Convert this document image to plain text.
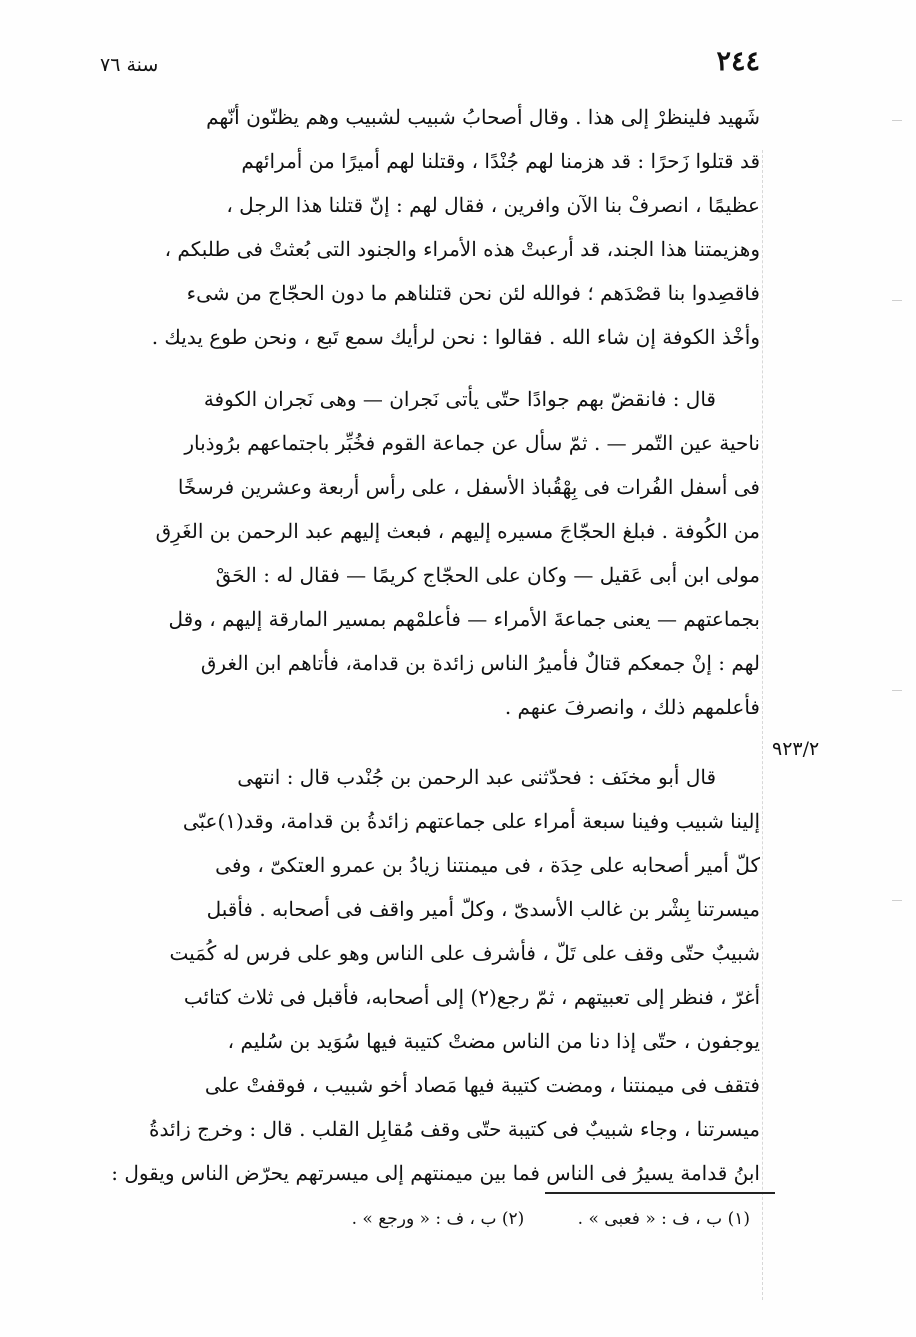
٢٤٤
سنة ٧٦
٩٢٣/٢
شَهيد فلينظرْ إلى هذا . وقال أصحابُ شبيب لشبيب وهم يظنّون أنّهم
قد قتلوا زَحرًا : قد هزمنا لهم جُنْدًا ، وقتلنا لهم أميرًا من أمرائهم
عظيمًا ، انصرفْ بنا الآن وافرين ، فقال لهم : إنّ قتلنا هذا الرجل ،
وهزيمتنا هذا الجند، قد أرعبتْ هذه الأمراء والجنود التى بُعثتْ فى طلبكم ،
فاقصِدوا بنا قصْدَهم ؛ فوالله لئن نحن قتلناهم ما دون الحجّاج من شىء
وأخْذ الكوفة إن شاء الله . فقالوا : نحن لرأيك سمع تَبع ، ونحن طوع يديك .
قال : فانقضّ بهم جوادًا حتّى يأتى نَجران — وهى نَجران الكوفة
ناحية عين التّمر — . ثمّ سأل عن جماعة القوم فخُبِّر باجتماعهم برُوذبار
فى أسفل الفُرات فى بِهْقُباذ الأسفل ، على رأس أربعة وعشرين فرسخًا
من الكُوفة . فبلغ الحجّاجَ مسيره إليهم ، فبعث إليهم عبد الرحمن بن الغَرِق
مولى ابن أبى عَقيل — وكان على الحجّاج كريمًا — فقال له : الحَقْ
بجماعتهم — يعنى جماعةَ الأمراء — فأعلمْهم بمسير المارقة إليهم ، وقل
لهم : إنْ جمعكم قتالٌ فأميرُ الناس زائدة بن قدامة، فأتاهم ابن الغرق
فأعلمهم ذلك ، وانصرفَ عنهم .
قال أبو مخنَف : فحدّثنى عبد الرحمن بن جُنْدب قال : انتهى
إلينا شبيب وفينا سبعة أمراء على جماعتهم زائدةُ بن قدامة، وقد(١)عبّى
كلّ أمير أصحابه على حِدَة ، فى ميمنتنا زيادُ بن عمرو العتكىّ ، وفى
ميسرتنا بِشْر بن غالب الأسدىّ ، وكلّ أمير واقف فى أصحابه . فأقبل
شبيبٌ حتّى وقف على تَلّ ، فأشرف على الناس وهو على فرس له كُمَيت
أغرّ ، فنظر إلى تعبيتهم ، ثمّ رجع(٢) إلى أصحابه، فأقبل فى ثلاث كتائب
يوجفون ، حتّى إذا دنا من الناس مضتْ كتيبة فيها سُوَيد بن سُليم ،
فتقف فى ميمنتنا ، ومضت كتيبة فيها مَصاد أخو شبيب ، فوقفتْ على
ميسرتنا ، وجاء شبيبٌ فى كتيبة حتّى وقف مُقابِل القلب . قال : وخرج زائدةُ
ابنُ قدامة يسيرُ فى الناس فما بين ميمنتهم إلى ميسرتهم يحرّض الناس ويقول :
(١) ب ، ف : « فعبى » . (٢) ب ، ف : « ورجع » .
